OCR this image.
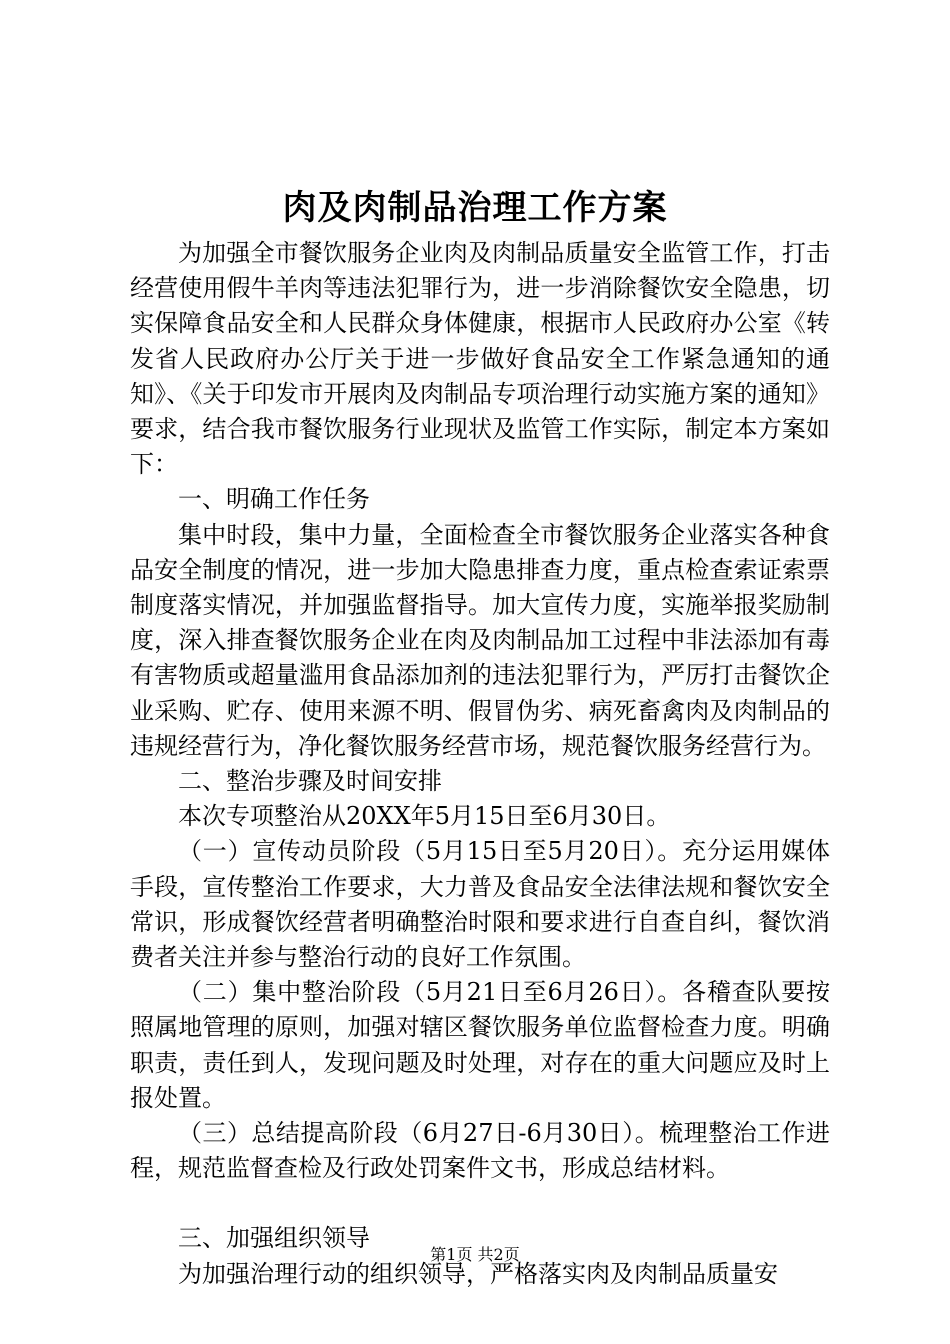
肉及肉制品治理工作方案

为加强全市餐饮服务企业肉及肉制品质量安全监管工作，打击经营使用假牛羊肉等违法犯罪行为，进一步消除餐饮安全隐患，切实保障食品安全和人民群众身体健康，根据市人民政府办公室《转发省人民政府办公厅关于进一步做好食品安全工作紧急通知的通知》、《关于印发市开展肉及肉制品专项治理行动实施方案的通知》要求，结合我市餐饮服务行业现状及监管工作实际，制定本方案如下：

一、明确工作任务

集中时段，集中力量，全面检查全市餐饮服务企业落实各种食品安全制度的情况，进一步加大隐患排查力度，重点检查索证索票制度落实情况，并加强监督指导。加大宣传力度，实施举报奖励制度，深入排查餐饮服务企业在肉及肉制品加工过程中非法添加有毒有害物质或超量滥用食品添加剂的违法犯罪行为，严厉打击餐饮企业采购、贮存、使用来源不明、假冒伪劣、病死畜禽肉及肉制品的违规经营行为，净化餐饮服务经营市场，规范餐饮服务经营行为。

二、整治步骤及时间安排

本次专项整治从20XX年5月15日至6月30日。

（一）宣传动员阶段（5月15日至5月20日）。充分运用媒体手段，宣传整治工作要求，大力普及食品安全法律法规和餐饮安全常识，形成餐饮经营者明确整治时限和要求进行自查自纠，餐饮消费者关注并参与整治行动的良好工作氛围。

（二）集中整治阶段（5月21日至6月26日）。各稽查队要按照属地管理的原则，加强对辖区餐饮服务单位监督检查力度。明确职责，责任到人，发现问题及时处理，对存在的重大问题应及时上报处置。

（三）总结提高阶段（6月27日-6月30日）。梳理整治工作进程，规范监督查检及行政处罚案件文书，形成总结材料。

三、加强组织领导

为加强治理行动的组织领导，严格落实肉及肉制品质量安

第1页 共2页
